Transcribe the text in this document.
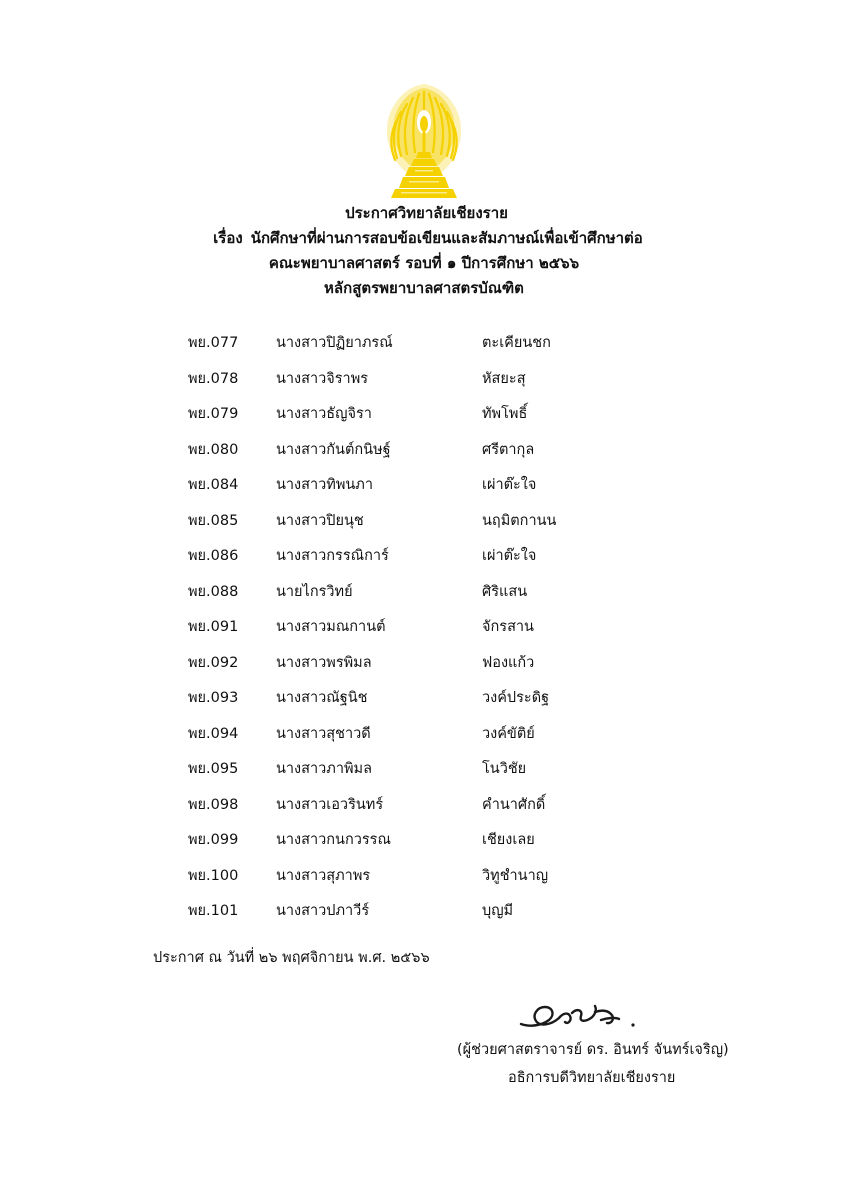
ประกาศวิทยาลัยเชียงราย
เรื่อง นักศึกษาที่ผ่านการสอบข้อเขียนและสัมภาษณ์เพื่อเข้าศึกษาต่อ
คณะพยาบาลศาสตร์ รอบที่ ๑ ปีการศึกษา ๒๕๖๖
หลักสูตรพยาบาลศาสตรบัณฑิต
พย.077	นางสาวปิฏิยาภรณ์	ตะเคียนชก
พย.078	นางสาวจิราพร	หัสยะสุ
พย.079	นางสาวธัญจิรา	ทัพโพธิ์
พย.080	นางสาวกันต์กนิษฐ์	ศรีตากุล
พย.084	นางสาวทิพนภา	เผ่าต๊ะใจ
พย.085	นางสาวปิยนุช	นฤมิตกานน
พย.086	นางสาวกรรณิการ์	เผ่าต๊ะใจ
พย.088	นายไกรวิทย์	ศิริแสน
พย.091	นางสาวมณกานต์	จักรสาน
พย.092	นางสาวพรพิมล	ฟองแก้ว
พย.093	นางสาวณัฐนิช	วงค์ประดิฐ
พย.094	นางสาวสุชาวดี	วงค์ขัติย์
พย.095	นางสาวภาพิมล	โนวิชัย
พย.098	นางสาวเอวรินทร์	คำนาศักดิ์
พย.099	นางสาวกนกวรรณ	เชียงเลย
พย.100	นางสาวสุภาพร	วิทูชำนาญ
พย.101	นางสาวปภาวีร์	บุญมี
ประกาศ ณ วันที่ ๒๖ พฤศจิกายน พ.ศ. ๒๕๖๖
(ผู้ช่วยศาสตราจารย์ ดร. อินทร์ จันทร์เจริญ)
อธิการบดีวิทยาลัยเชียงราย
